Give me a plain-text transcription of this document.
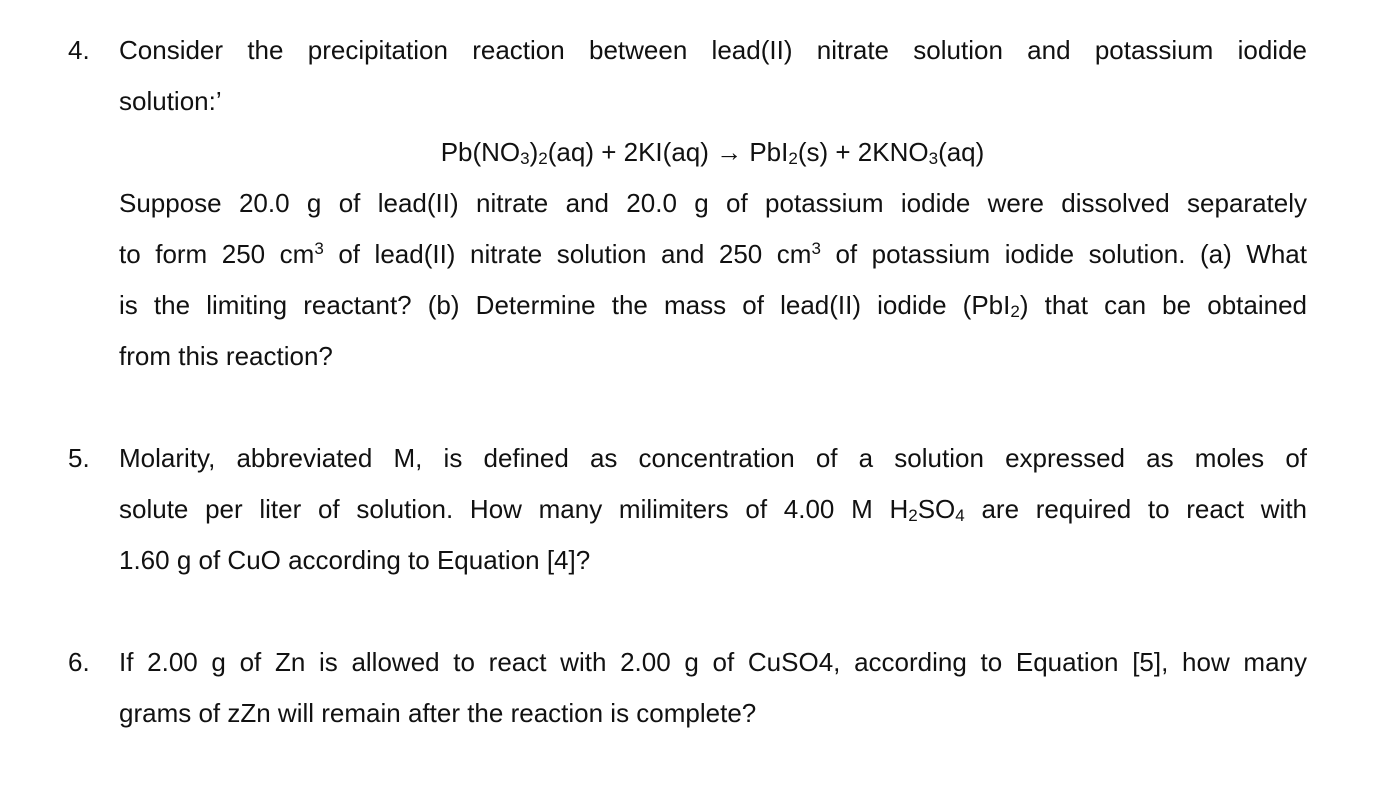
4. Consider the precipitation reaction between lead(II) nitrate solution and potassium iodide
solution:’
$Pb(NO_3)_2(aq) + 2KI(aq) \to PbI_2(s) + 2KNO_3(aq)$
Suppose 20.0 g of lead(II) nitrate and 20.0 g of potassium iodide were dissolved separately
to form 250 $cm^3$ of lead(II) nitrate solution and 250 $cm^3$ of potassium iodide solution. (a) What
is the limiting reactant? (b) Determine the mass of lead(II) iodide (PbI$_2$) that can be obtained
from this reaction?
5. Molarity, abbreviated M, is defined as concentration of a solution expressed as moles of
solute per liter of solution. How many milimiters of 4.00 M $H_2SO_4$ are required to react with
1.60 g of CuO according to Equation [4]?
6. If 2.00 g of Zn is allowed to react with 2.00 g of CuSO4, according to Equation [5], how many
grams of zZn will remain after the reaction is complete?
